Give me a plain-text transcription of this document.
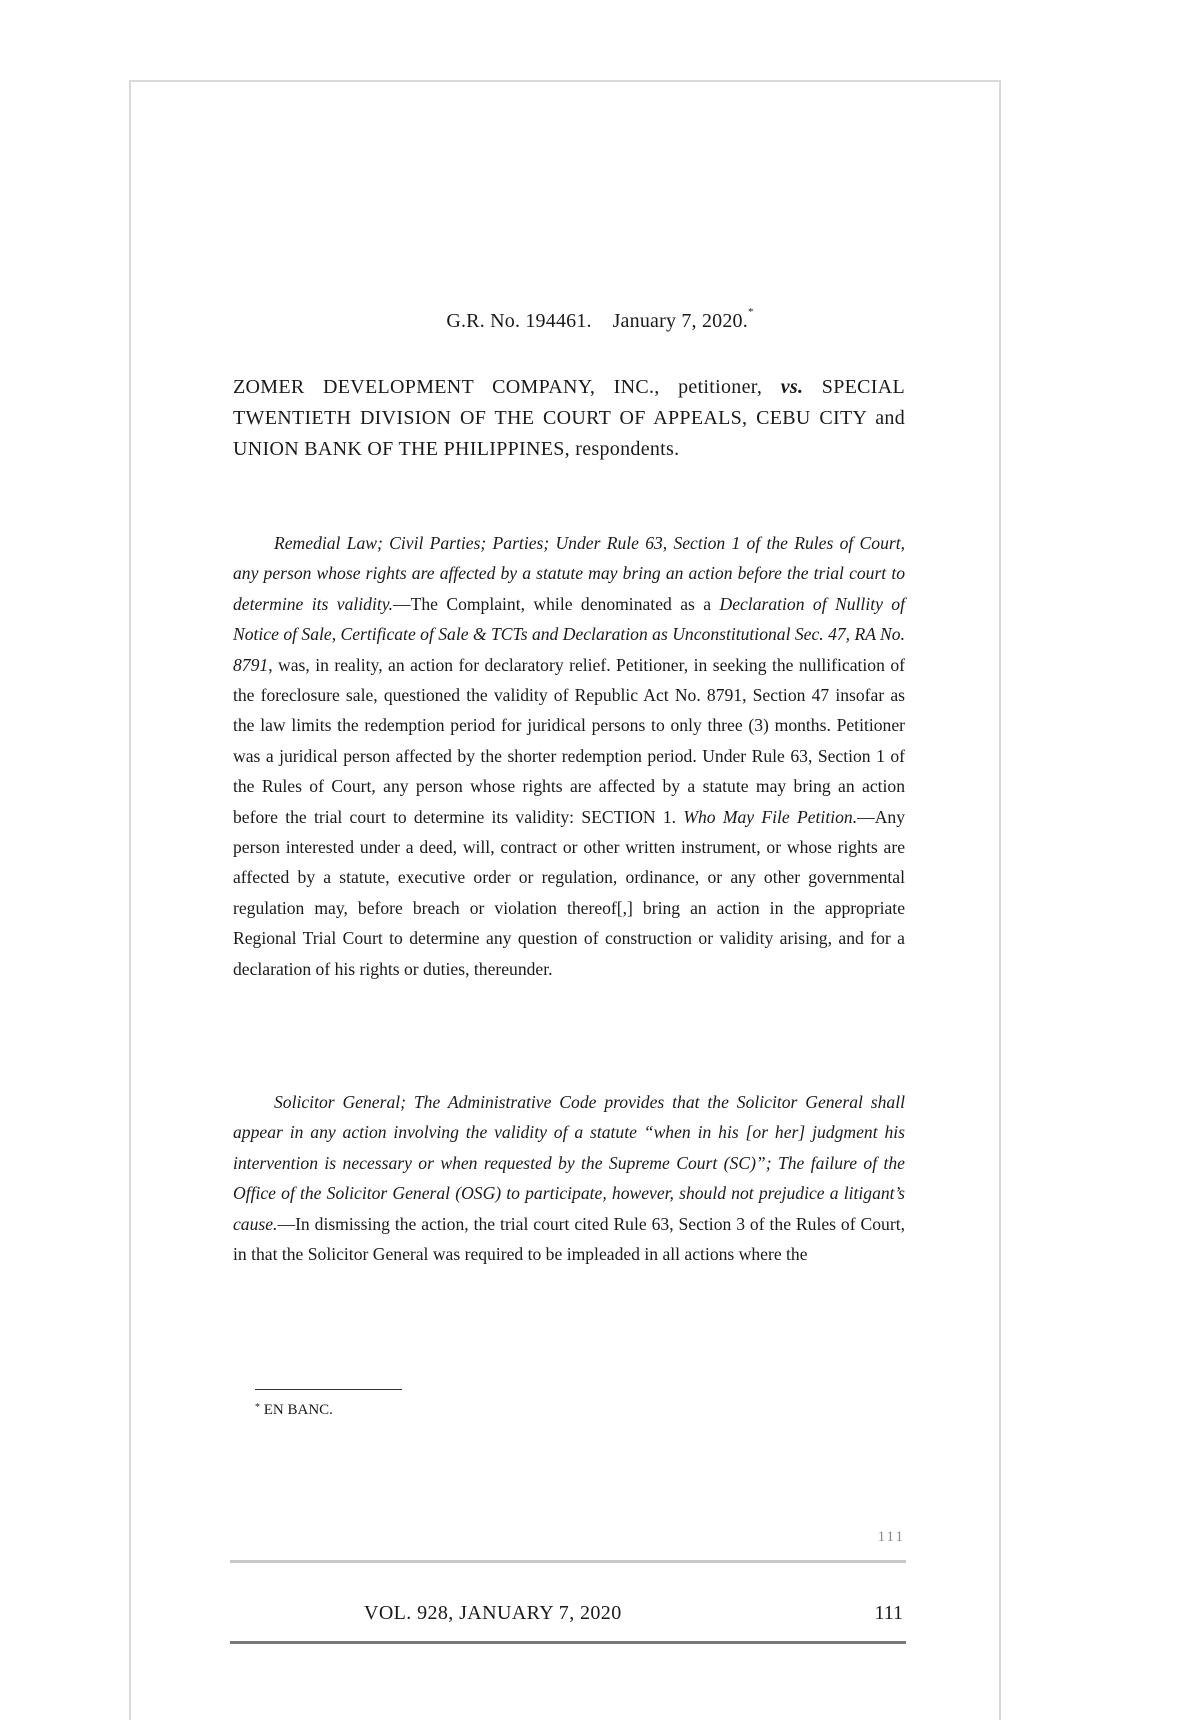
G.R. No. 194461. January 7, 2020.*

ZOMER DEVELOPMENT COMPANY, INC., petitioner, vs. SPECIAL TWENTIETH DIVISION OF THE COURT OF APPEALS, CEBU CITY and UNION BANK OF THE PHILIPPINES, respondents.

Remedial Law; Civil Parties; Parties; Under Rule 63, Section 1 of the Rules of Court, any person whose rights are affected by a statute may bring an action before the trial court to determine its validity.—The Complaint, while denominated as a Declaration of Nullity of Notice of Sale, Certificate of Sale & TCTs and Declaration as Unconstitutional Sec. 47, RA No. 8791, was, in reality, an action for declaratory relief. Petitioner, in seeking the nullification of the foreclosure sale, questioned the validity of Republic Act No. 8791, Section 47 insofar as the law limits the redemption period for juridical persons to only three (3) months. Petitioner was a juridical person affected by the shorter redemption period. Under Rule 63, Section 1 of the Rules of Court, any person whose rights are affected by a statute may bring an action before the trial court to determine its validity: SECTION 1. Who May File Petition.—Any person interested under a deed, will, contract or other written instrument, or whose rights are affected by a statute, executive order or regulation, ordinance, or any other governmental regulation may, before breach or violation thereof[,] bring an action in the appropriate Regional Trial Court to determine any question of construction or validity arising, and for a declaration of his rights or duties, thereunder.

Solicitor General; The Administrative Code provides that the Solicitor General shall appear in any action involving the validity of a statute “when in his [or her] judgment his intervention is necessary or when requested by the Supreme Court (SC)”; The failure of the Office of the Solicitor General (OSG) to participate, however, should not prejudice a litigant’s cause.—In dismissing the action, the trial court cited Rule 63, Section 3 of the Rules of Court, in that the Solicitor General was required to be impleaded in all actions where the

* EN BANC.
111
VOL. 928, JANUARY 7, 2020	111
